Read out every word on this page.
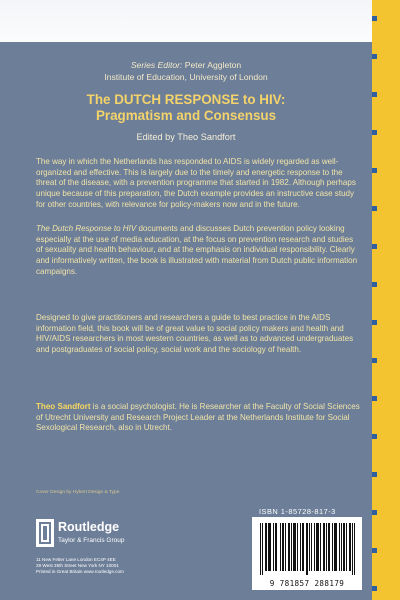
Series Editor: Peter Aggleton
Institute of Education, University of London
The DUTCH RESPONSE to HIV:
Pragmatism and Consensus
Edited by Theo Sandfort

The way in which the Netherlands has responded to AIDS is widely regarded as well-organized and effective. This is largely due to the timely and energetic response to the threat of the disease, with a prevention programme that started in 1982. Although perhaps unique because of this preparation, the Dutch example provides an instructive case study for other countries, with relevance for policy-makers now and in the future.

The Dutch Response to HIV documents and discusses Dutch prevention policy looking especially at the use of media education, at the focus on prevention research and studies of sexuality and health behaviour, and at the emphasis on individual responsibility. Clearly and informatively written, the book is illustrated with material from Dutch public information campaigns.

Designed to give practitioners and researchers a guide to best practice in the AIDS information field, this book will be of great value to social policy makers and health and HIV/AIDS researchers in most western countries, as well as to advanced undergraduates and postgraduates of social policy, social work and the sociology of health.

Theo Sandfort is a social psychologist. He is Researcher at the Faculty of Social Sciences of Utrecht University and Research Project Leader at the Netherlands Institute for Social Sexological Research, also in Utrecht.

Cover Design by Hybert Design & Type
ISBN 1-85728-817-3
9 781857 288179
Routledge
Taylor & Francis Group
11 New Fetter Lane London EC4P 4EE
29 West 35th Street New York NY 10001
Printed in Great Britain www.routledge.com
